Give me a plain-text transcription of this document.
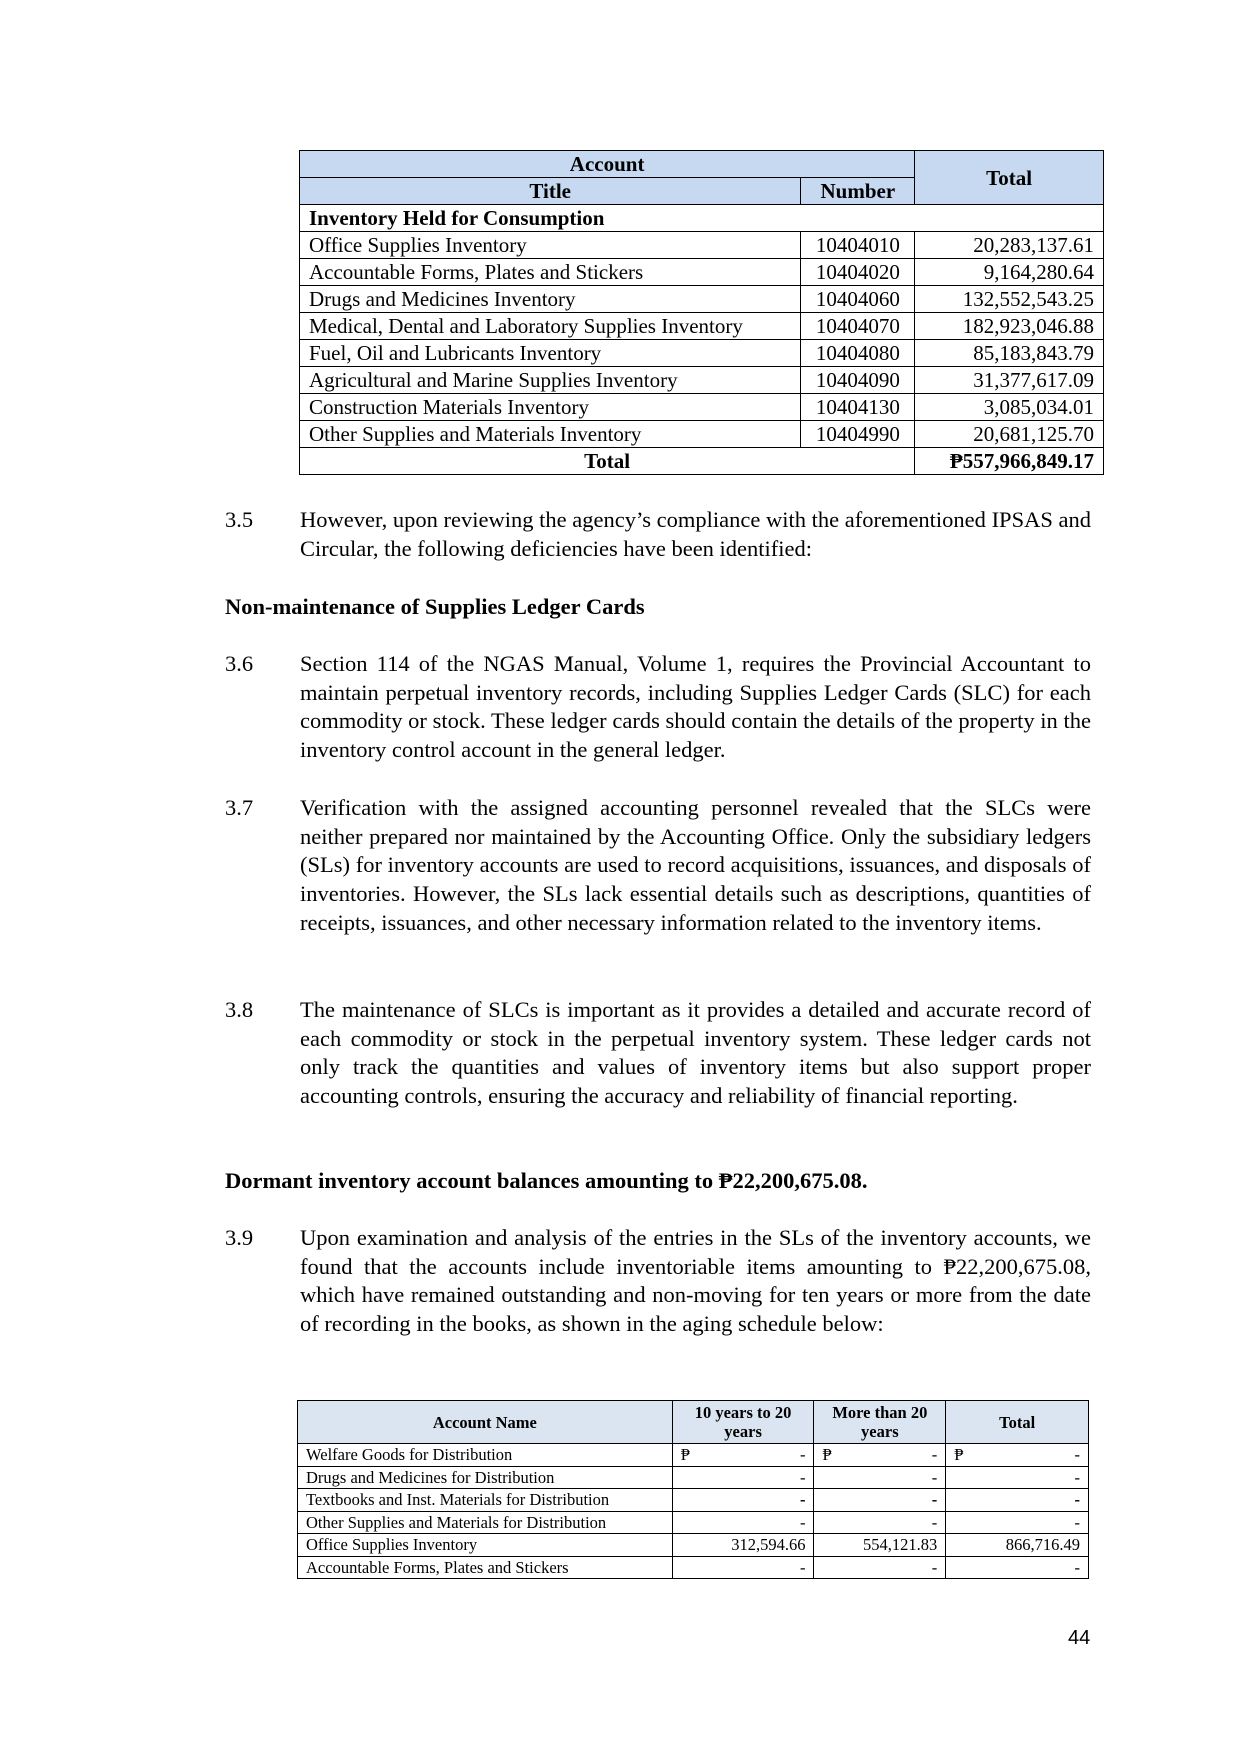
Account		Total
Title	Number	
Inventory Held for Consumption		
Office Supplies Inventory	10404010	20,283,137.61
Accountable Forms, Plates and Stickers	10404020	9,164,280.64
Drugs and Medicines Inventory	10404060	132,552,543.25
Medical, Dental and Laboratory Supplies Inventory	10404070	182,923,046.88
Fuel, Oil and Lubricants Inventory	10404080	85,183,843.79
Agricultural and Marine Supplies Inventory	10404090	31,377,617.09
Construction Materials Inventory	10404130	3,085,034.01
Other Supplies and Materials Inventory	10404990	20,681,125.70
Total		₱557,966,849.17
3.5 However, upon reviewing the agency’s compliance with the aforementioned IPSAS and Circular, the following deficiencies have been identified:
Non-maintenance of Supplies Ledger Cards
3.6 Section 114 of the NGAS Manual, Volume 1, requires the Provincial Accountant to maintain perpetual inventory records, including Supplies Ledger Cards (SLC) for each commodity or stock. These ledger cards should contain the details of the property in the inventory control account in the general ledger.
3.7 Verification with the assigned accounting personnel revealed that the SLCs were neither prepared nor maintained by the Accounting Office. Only the subsidiary ledgers (SLs) for inventory accounts are used to record acquisitions, issuances, and disposals of inventories. However, the SLs lack essential details such as descriptions, quantities of receipts, issuances, and other necessary information related to the inventory items.
3.8 The maintenance of SLCs is important as it provides a detailed and accurate record of each commodity or stock in the perpetual inventory system. These ledger cards not only track the quantities and values of inventory items but also support proper accounting controls, ensuring the accuracy and reliability of financial reporting.
Dormant inventory account balances amounting to ₱22,200,675.08.
3.9 Upon examination and analysis of the entries in the SLs of the inventory accounts, we found that the accounts include inventoriable items amounting to ₱22,200,675.08, which have remained outstanding and non-moving for ten years or more from the date of recording in the books, as shown in the aging schedule below:
Account Name	10 years to 20 years	More than 20 years	Total
Welfare Goods for Distribution	₱ -	₱ -	₱ -

Drugs and Medicines for Distribution	-	-	-
Textbooks and Inst. Materials for Distribution	-	-	-
Other Supplies and Materials for Distribution	-	-	-
Office Supplies Inventory	312,594.66	554,121.83	866,716.49
Accountable Forms, Plates and Stickers	-	-	-
44
